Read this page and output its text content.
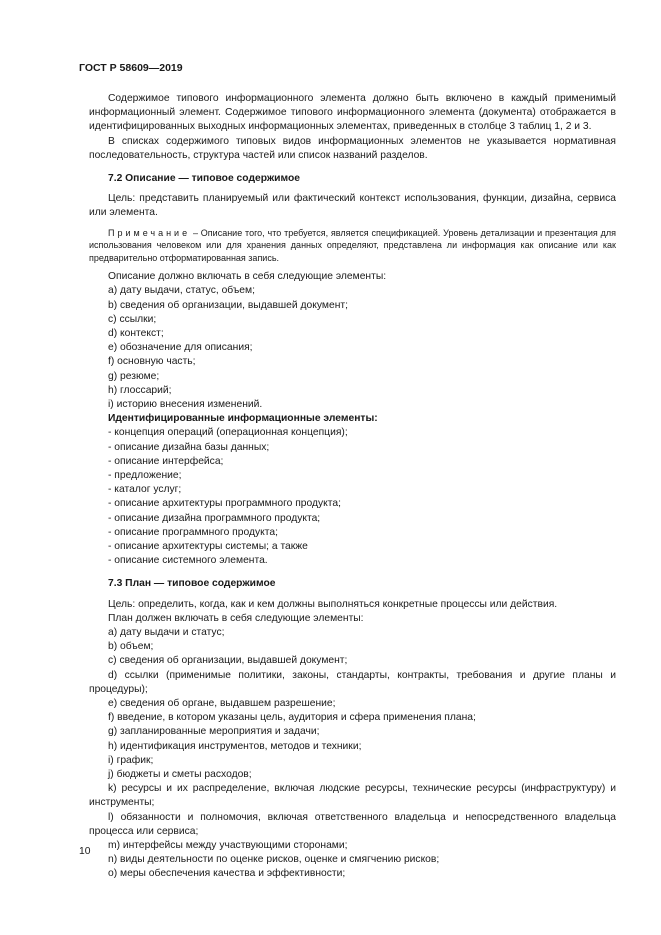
ГОСТ Р 58609—2019

Содержимое типового информационного элемента должно быть включено в каждый применимый информационный элемент. Содержимое типового информационного элемента (документа) отображается в идентифицированных выходных информационных элементах, приведенных в столбце 3 таблиц 1, 2 и 3.

В списках содержимого типовых видов информационных элементов не указывается нормативная последовательность, структура частей или список названий разделов.

7.2 Описание — типовое содержимое

Цель: представить планируемый или фактический контекст использования, функции, дизайна, сервиса или элемента.

Примечание – Описание того, что требуется, является спецификацией. Уровень детализации и презентация для использования человеком или для хранения данных определяют, представлена ли информация как описание или как предварительно отформатированная запись.

Описание должно включать в себя следующие элементы:

a) дату выдачи, статус, объем;

b) сведения об организации, выдавшей документ;

c) ссылки;

d) контекст;

e) обозначение для описания;

f) основную часть;

g) резюме;

h) глоссарий;

i) историю внесения изменений.

Идентифицированные информационные элементы:

- концепция операций (операционная концепция);

- описание дизайна базы данных;

- описание интерфейса;

- предложение;

- каталог услуг;

- описание архитектуры программного продукта;

- описание дизайна программного продукта;

- описание программного продукта;

- описание архитектуры системы; а также

- описание системного элемента.

7.3 План — типовое содержимое

Цель: определить, когда, как и кем должны выполняться конкретные процессы или действия.

План должен включать в себя следующие элементы:

a) дату выдачи и статус;

b) объем;

c) сведения об организации, выдавшей документ;

d) ссылки (применимые политики, законы, стандарты, контракты, требования и другие планы и процедуры);

e) сведения об органе, выдавшем разрешение;

f) введение, в котором указаны цель, аудитория и сфера применения плана;

g) запланированные мероприятия и задачи;

h) идентификация инструментов, методов и техники;

i) график;

j) бюджеты и сметы расходов;

k) ресурсы и их распределение, включая людские ресурсы, технические ресурсы (инфраструктуру) и инструменты;

l) обязанности и полномочия, включая ответственного владельца и непосредственного владельца процесса или сервиса;

m) интерфейсы между участвующими сторонами;

n) виды деятельности по оценке рисков, оценке и смягчению рисков;

o) меры обеспечения качества и эффективности;

10
